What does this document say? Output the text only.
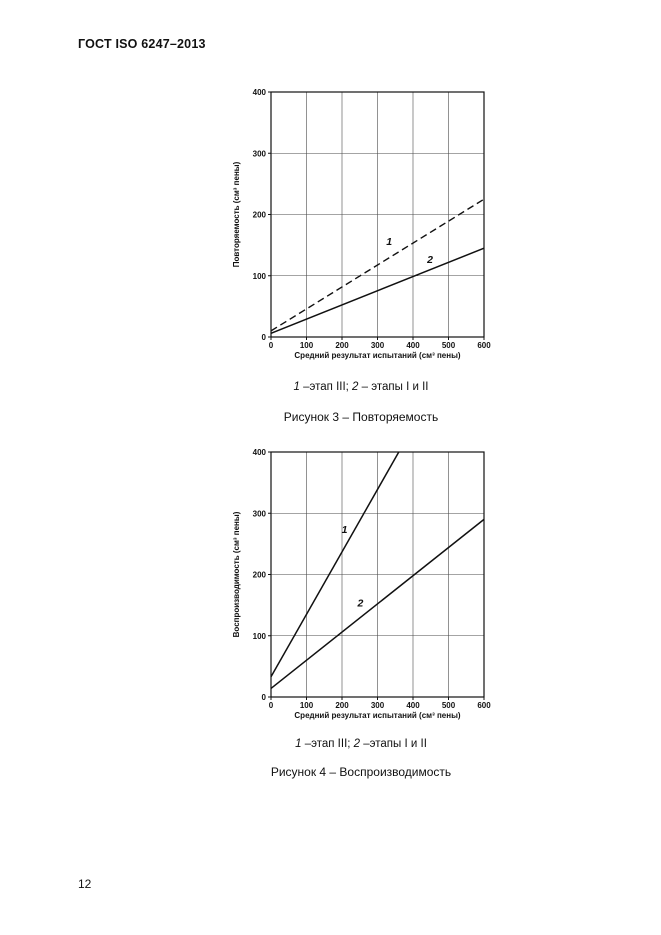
ГОСТ ISO 6247–2013
0	100	200	300	400	500	600
0
100
200
300
400
1
2
Средний результат испытаний (см³ пены)
Повторяемость (см³ пены)
1 –этап III; 2 – этапы I и II
Рисунок 3 – Повторяемость
0	100	200	300	400	500	600
0
100
200
300
400
1
2
Средний результат испытаний (см³ пены)
Воспроизводимость (см³ пены)
1 –этап III; 2 –этапы I и II
Рисунок 4 – Воспроизводимость
12
